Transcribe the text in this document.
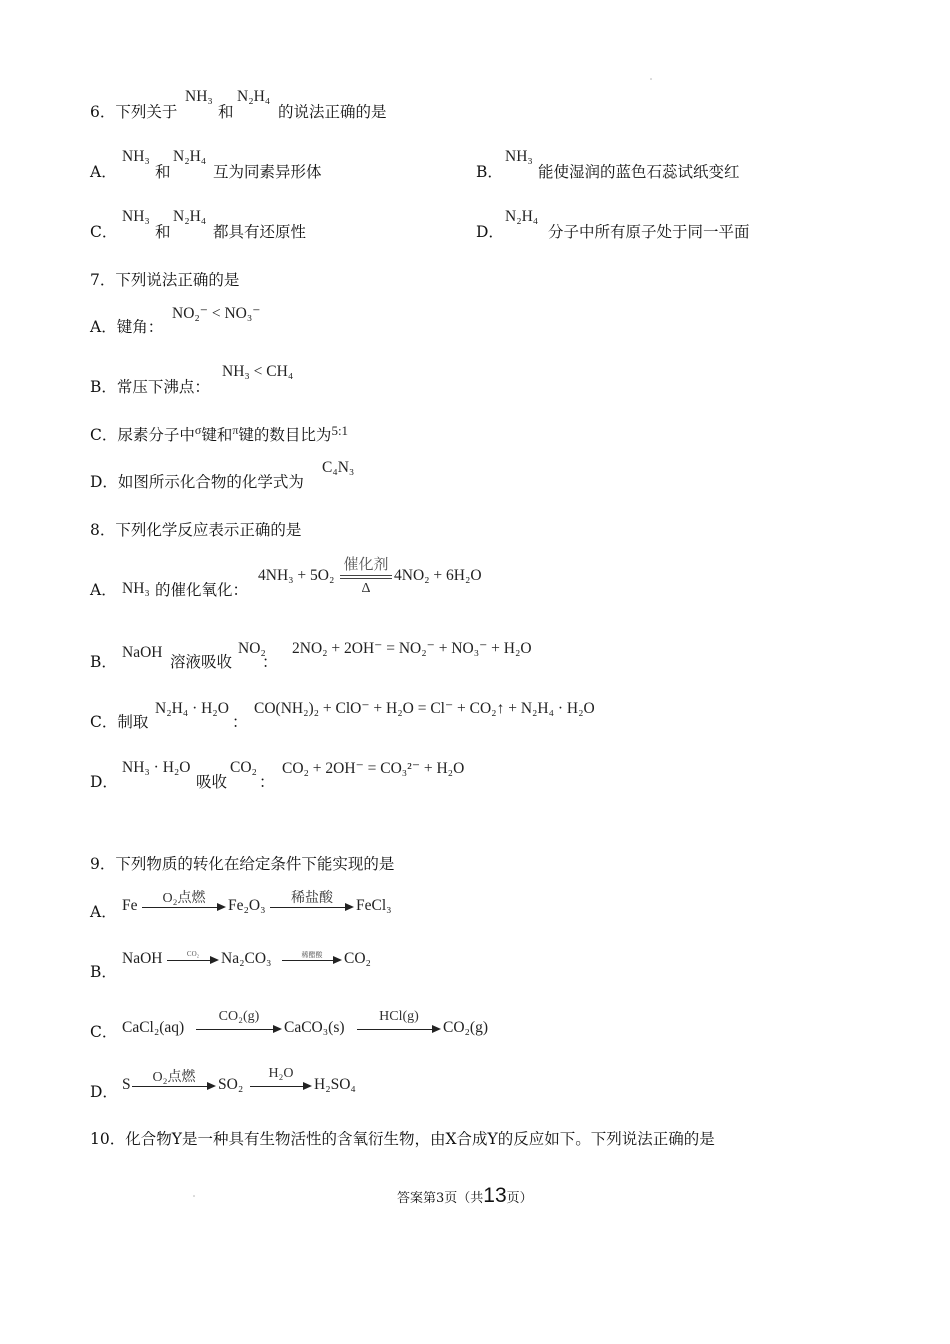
˙
˙
6．下列关于
NH₃
和
N₂H₄
的说法正确的是
A．
NH₃
和
N₂H₄
互为同素异形体	B．
NH₃
能使湿润的蓝色石蕊试纸变红
C．
NH₃
和
N₂H₄
都具有还原性	D．
N₂H₄
分子中所有原子处于同一平面
7．下列说法正确的是
A．键角：
NO₂⁻ < NO₃⁻
B．常压下沸点：
NH₃ < CH₄
C．尿素分子中$^\sigma$键和$^\pi$键的数目比为$^{5:1}$
D．如图所示化合物的化学式为
C₄N₃
8．下列化学反应表示正确的是
A． NH₃ 的催化氧化：
4NH₃ + 5O₂
催化剂
Δ
4NO₂ + 6H₂O
B．
NaOH
溶液吸收
NO₂
：
2NO₂ + 2OH⁻ = NO₂⁻ + NO₃⁻ + H₂O
C．制取
N₂H₄ · H₂O
：
CO(NH₂)₂ + ClO⁻ + H₂O = Cl⁻ + CO₂↑ + N₂H₄ · H₂O
D．
NH₃ · H₂O
吸收
CO₂
：
CO₂ + 2OH⁻ = CO₃²⁻ + H₂O
9．下列物质的转化在给定条件下能实现的是
A． Fe	O₂点燃	Fe₂O₃	稀盐酸	FeCl₃
B．
NaOH	CO₂	Na₂CO₃	稀醋酸	CO₂
C． CaCl₂(aq)
CO₂(g)
CaCO₃(s)
HCl(g)
CO₂(g)
D． S	O₂点燃	SO₂
H₂O
H₂SO₄
10．化合物Y是一种具有生物活性的含氧衍生物，由X合成Y的反应如下。下列说法正确的是
答案第3页（共13页）
